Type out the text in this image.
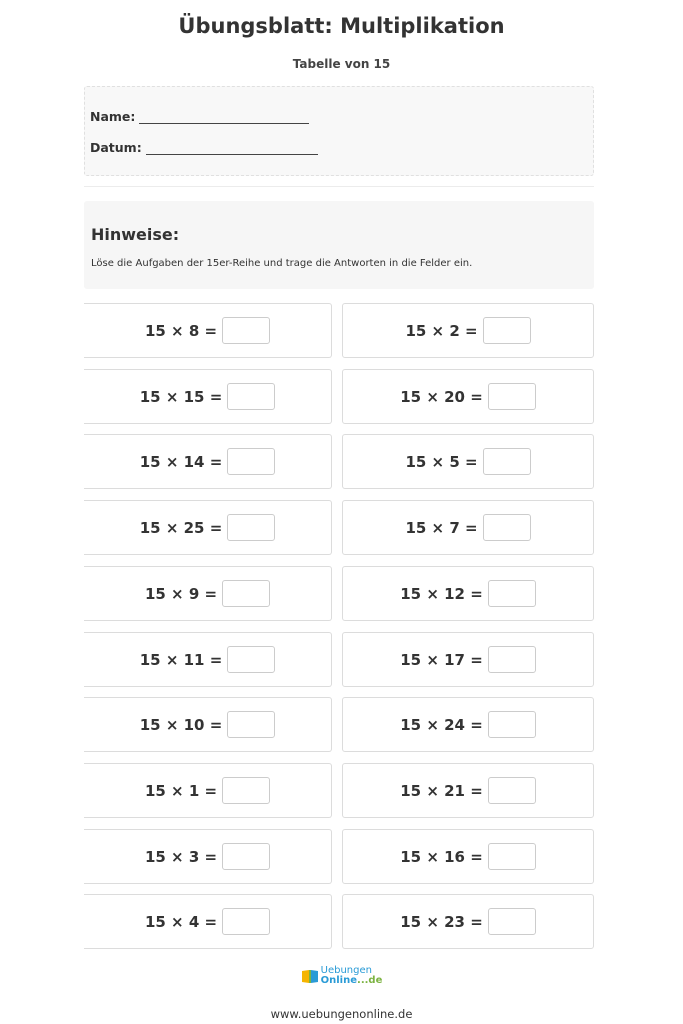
Übungsblatt: Multiplikation
Tabelle von 15
Name:
Datum:
Hinweise:
Löse die Aufgaben der 15er-Reihe und trage die Antworten in die Felder ein.
15 × 8 =
15 × 15 =
15 × 14 =
15 × 25 =
15 × 9 =
15 × 11 =
15 × 10 =
15 × 1 =
15 × 3 =
15 × 4 =
15 × 2 =
15 × 20 =
15 × 5 =
15 × 7 =
15 × 12 =
15 × 17 =
15 × 24 =
15 × 21 =
15 × 16 =
15 × 23 =
Uebungen
Online...de
www.uebungenonline.de
